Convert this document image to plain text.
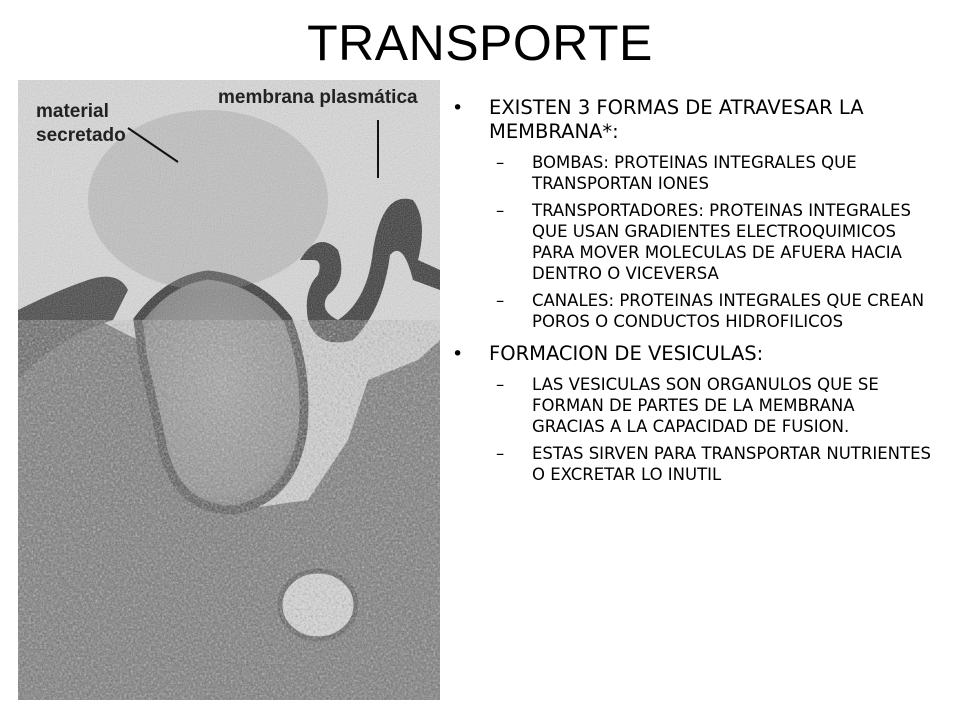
TRANSPORTE
material
secretado
membrana plasmática • EXISTEN 3 FORMAS DE ATRAVESAR LA MEMBRANA*:
– BOMBAS: PROTEINAS INTEGRALES QUE TRANSPORTAN IONES
– TRANSPORTADORES: PROTEINAS INTEGRALES QUE USAN GRADIENTES ELECTROQUIMICOS PARA MOVER MOLECULAS DE AFUERA HACIA DENTRO O VICEVERSA
– CANALES: PROTEINAS INTEGRALES QUE CREAN POROS O CONDUCTOS HIDROFILICOS
• FORMACION DE VESICULAS:
– LAS VESICULAS SON ORGANULOS QUE SE FORMAN DE PARTES DE LA MEMBRANA GRACIAS A LA CAPACIDAD DE FUSION.
– ESTAS SIRVEN PARA TRANSPORTAR NUTRIENTES O EXCRETAR LO INUTIL
